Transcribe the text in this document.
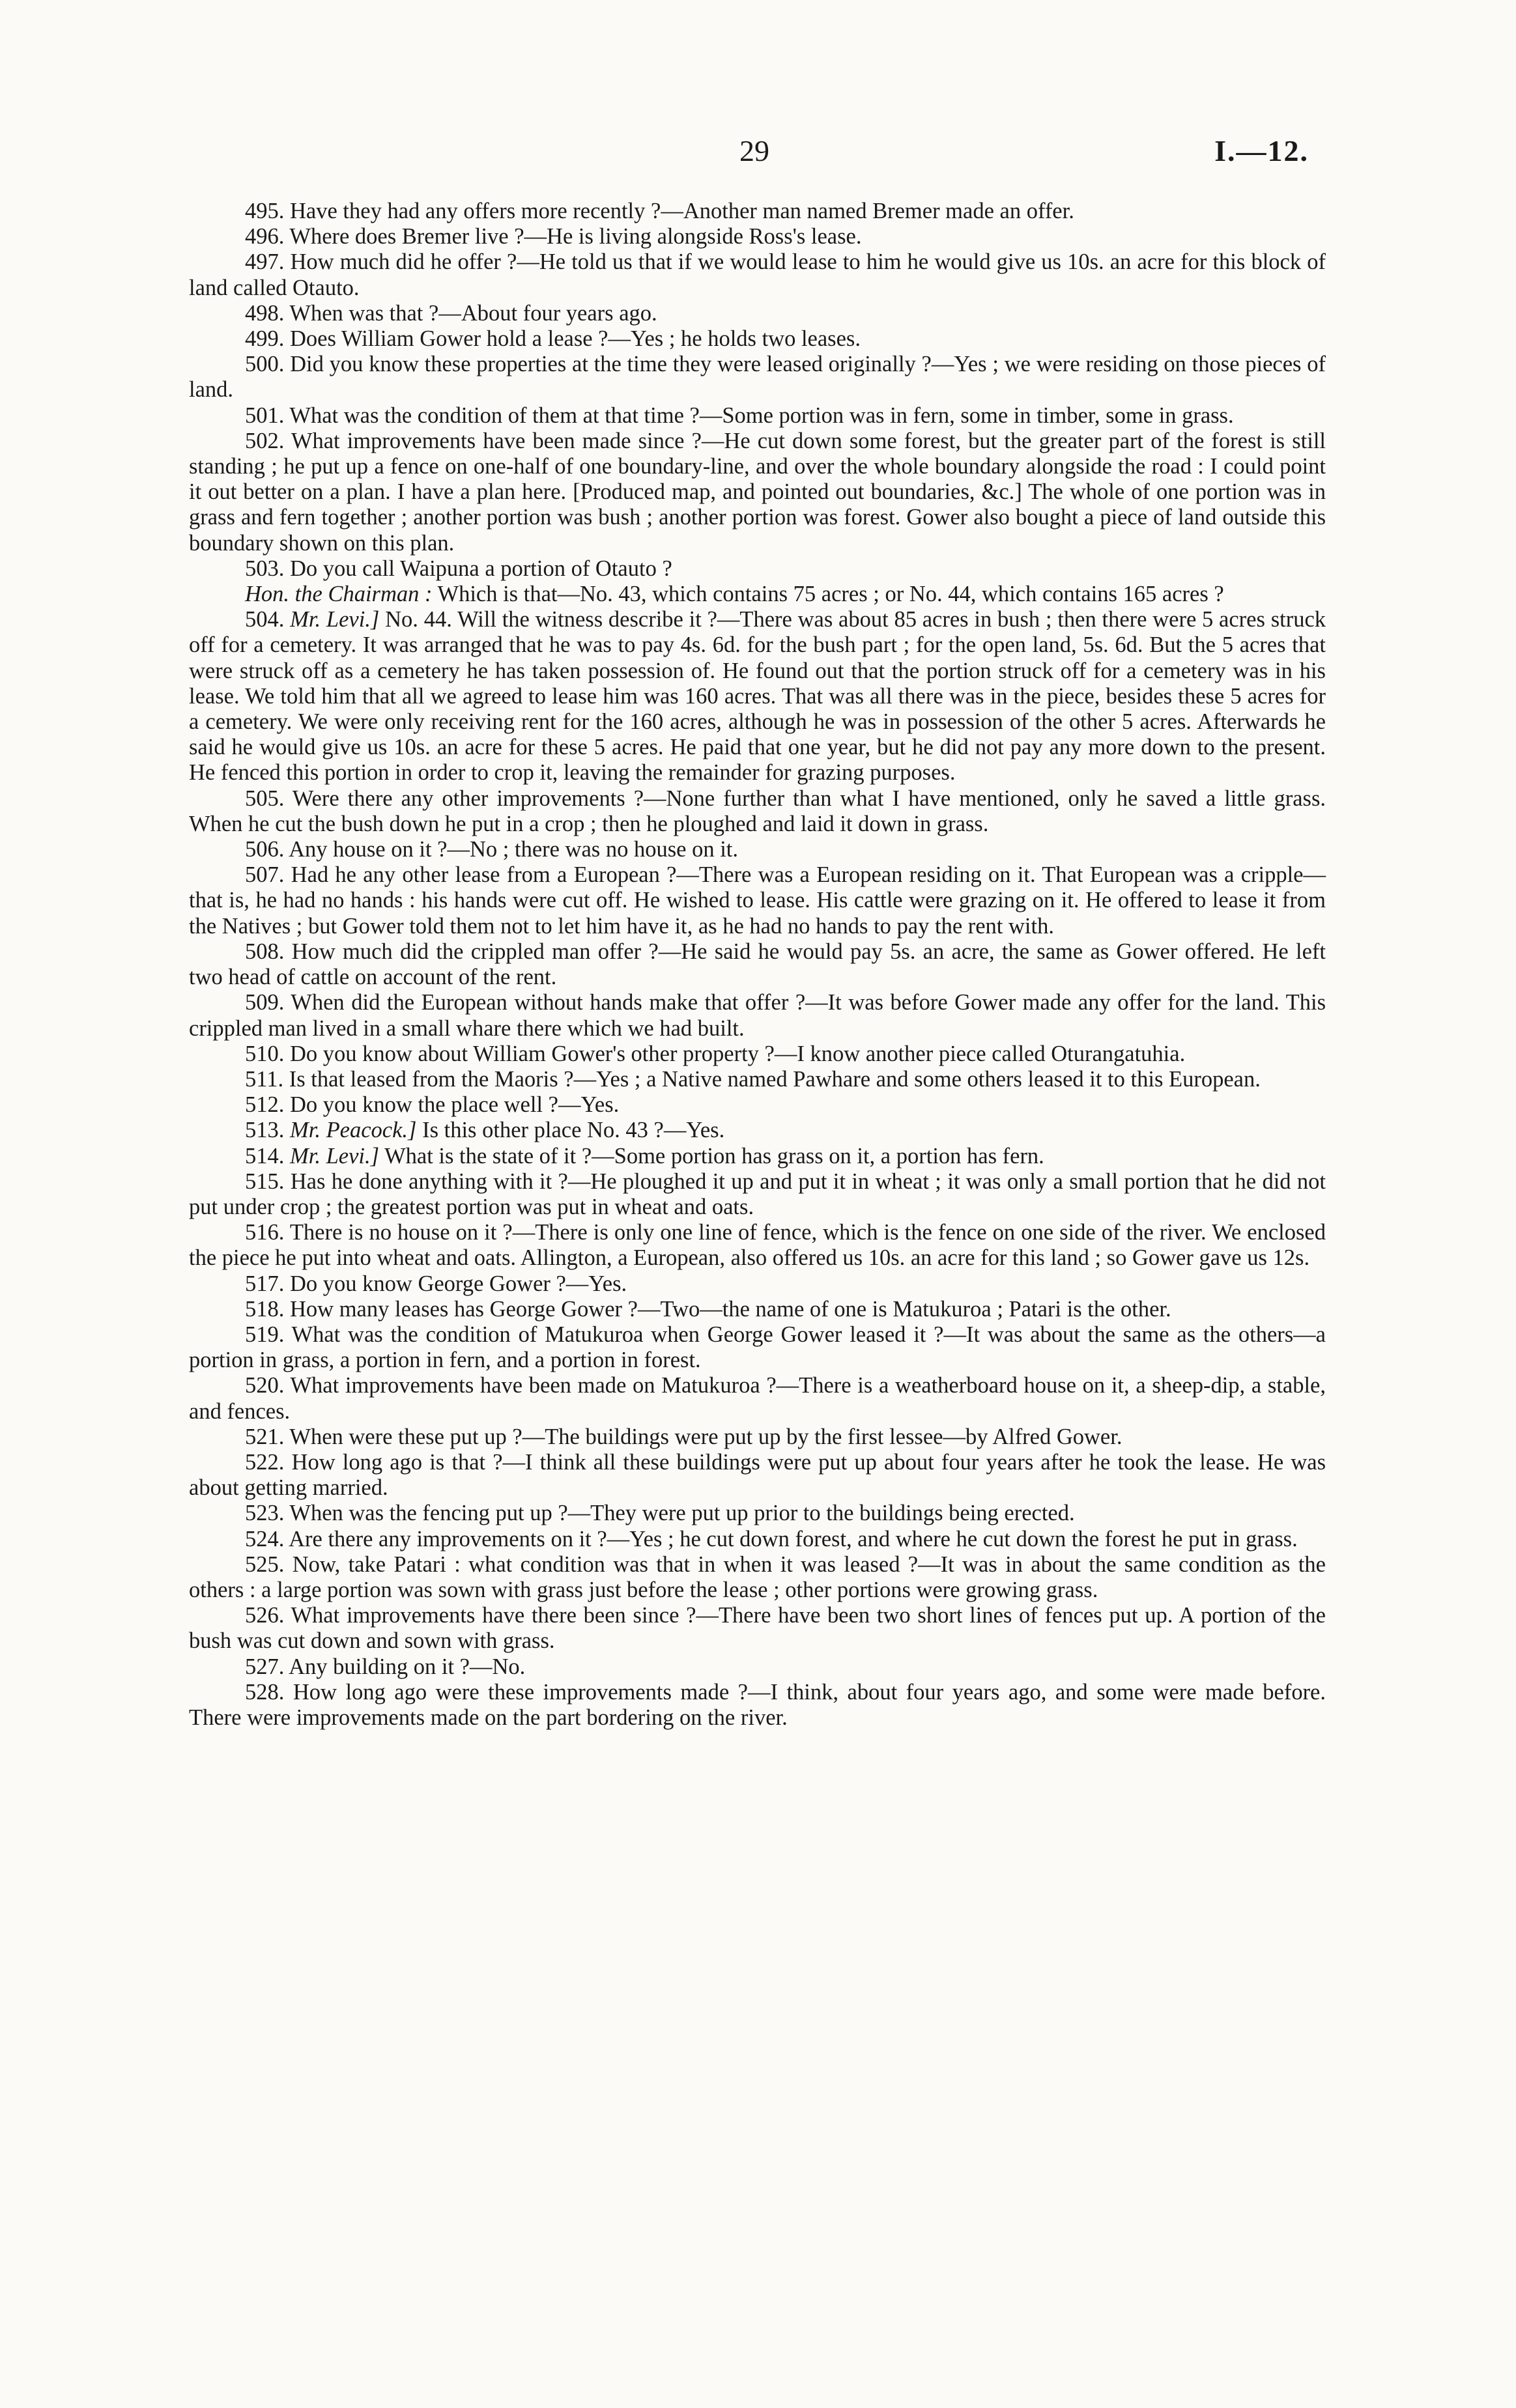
29	I.—12.

495. Have they had any offers more recently ?—Another man named Bremer made an offer.

496. Where does Bremer live ?—He is living alongside Ross's lease.

497. How much did he offer ?—He told us that if we would lease to him he would give us 10s. an acre for this block of land called Otauto.

498. When was that ?—About four years ago.

499. Does William Gower hold a lease ?—Yes ; he holds two leases.

500. Did you know these properties at the time they were leased originally ?—Yes ; we were residing on those pieces of land.

501. What was the condition of them at that time ?—Some portion was in fern, some in timber, some in grass.

502. What improvements have been made since ?—He cut down some forest, but the greater part of the forest is still standing ; he put up a fence on one-half of one boundary-line, and over the whole boundary alongside the road : I could point it out better on a plan. I have a plan here. [Produced map, and pointed out boundaries, &c.] The whole of one portion was in grass and fern together ; another portion was bush ; another portion was forest. Gower also bought a piece of land outside this boundary shown on this plan.

503. Do you call Waipuna a portion of Otauto ?

Hon. the Chairman : Which is that—No. 43, which contains 75 acres ; or No. 44, which contains 165 acres ?

504. Mr. Levi.] No. 44. Will the witness describe it ?—There was about 85 acres in bush ; then there were 5 acres struck off for a cemetery. It was arranged that he was to pay 4s. 6d. for the bush part ; for the open land, 5s. 6d. But the 5 acres that were struck off as a cemetery he has taken possession of. He found out that the portion struck off for a cemetery was in his lease. We told him that all we agreed to lease him was 160 acres. That was all there was in the piece, besides these 5 acres for a cemetery. We were only receiving rent for the 160 acres, although he was in possession of the other 5 acres. Afterwards he said he would give us 10s. an acre for these 5 acres. He paid that one year, but he did not pay any more down to the present. He fenced this portion in order to crop it, leaving the remainder for grazing purposes.

505. Were there any other improvements ?—None further than what I have mentioned, only he saved a little grass. When he cut the bush down he put in a crop ; then he ploughed and laid it down in grass.

506. Any house on it ?—No ; there was no house on it.

507. Had he any other lease from a European ?—There was a European residing on it. That European was a cripple—that is, he had no hands : his hands were cut off. He wished to lease. His cattle were grazing on it. He offered to lease it from the Natives ; but Gower told them not to let him have it, as he had no hands to pay the rent with.

508. How much did the crippled man offer ?—He said he would pay 5s. an acre, the same as Gower offered. He left two head of cattle on account of the rent.

509. When did the European without hands make that offer ?—It was before Gower made any offer for the land. This crippled man lived in a small whare there which we had built.

510. Do you know about William Gower's other property ?—I know another piece called Oturangatuhia.

511. Is that leased from the Maoris ?—Yes ; a Native named Pawhare and some others leased it to this European.

512. Do you know the place well ?—Yes.

513. Mr. Peacock.] Is this other place No. 43 ?—Yes.

514. Mr. Levi.] What is the state of it ?—Some portion has grass on it, a portion has fern.

515. Has he done anything with it ?—He ploughed it up and put it in wheat ; it was only a small portion that he did not put under crop ; the greatest portion was put in wheat and oats.

516. There is no house on it ?—There is only one line of fence, which is the fence on one side of the river. We enclosed the piece he put into wheat and oats. Allington, a European, also offered us 10s. an acre for this land ; so Gower gave us 12s.

517. Do you know George Gower ?—Yes.

518. How many leases has George Gower ?—Two—the name of one is Matukuroa ; Patari is the other.

519. What was the condition of Matukuroa when George Gower leased it ?—It was about the same as the others—a portion in grass, a portion in fern, and a portion in forest.

520. What improvements have been made on Matukuroa ?—There is a weatherboard house on it, a sheep-dip, a stable, and fences.

521. When were these put up ?—The buildings were put up by the first lessee—by Alfred Gower.

522. How long ago is that ?—I think all these buildings were put up about four years after he took the lease. He was about getting married.

523. When was the fencing put up ?—They were put up prior to the buildings being erected.

524. Are there any improvements on it ?—Yes ; he cut down forest, and where he cut down the forest he put in grass.

525. Now, take Patari : what condition was that in when it was leased ?—It was in about the same condition as the others : a large portion was sown with grass just before the lease ; other portions were growing grass.

526. What improvements have there been since ?—There have been two short lines of fences put up. A portion of the bush was cut down and sown with grass.

527. Any building on it ?—No.

528. How long ago were these improvements made ?—I think, about four years ago, and some were made before. There were improvements made on the part bordering on the river.
